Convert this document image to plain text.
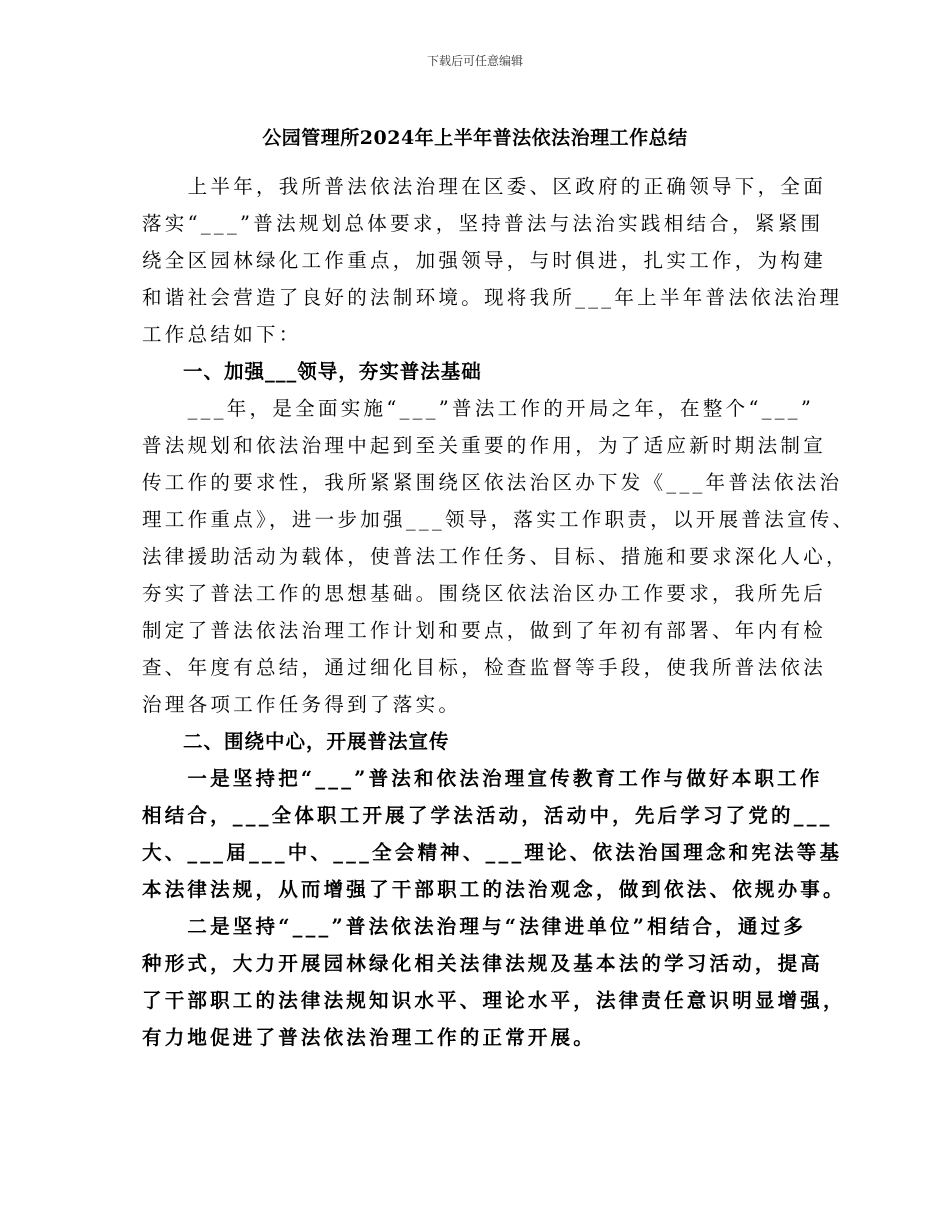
下载后可任意编辑
公园管理所2024年上半年普法依法治理工作总结
　　上半年，我所普法依法治理在区委、区政府的正确领导下，全面
落实“___”普法规划总体要求，坚持普法与法治实践相结合，紧紧围
绕全区园林绿化工作重点，加强领导，与时俱进，扎实工作，为构建
和谐社会营造了良好的法制环境。现将我所___年上半年普法依法治理
工作总结如下：
　　一、加强___领导，夯实普法基础
　　___年，是全面实施“___”普法工作的开局之年，在整个“___”
普法规划和依法治理中起到至关重要的作用，为了适应新时期法制宣
传工作的要求性，我所紧紧围绕区依法治区办下发《___年普法依法治
理工作重点》，进一步加强___领导，落实工作职责，以开展普法宣传、
法律援助活动为载体，使普法工作任务、目标、措施和要求深化人心，
夯实了普法工作的思想基础。围绕区依法治区办工作要求，我所先后
制定了普法依法治理工作计划和要点，做到了年初有部署、年内有检
查、年度有总结，通过细化目标，检查监督等手段，使我所普法依法
治理各项工作任务得到了落实。
　　二、围绕中心，开展普法宣传
　　一是坚持把“___”普法和依法治理宣传教育工作与做好本职工作
相结合，___全体职工开展了学法活动，活动中，先后学习了党的___
大、___届___中、___全会精神、___理论、依法治国理念和宪法等基
本法律法规，从而增强了干部职工的法治观念，做到依法、依规办事。
　　二是坚持“___”普法依法治理与“法律进单位”相结合，通过多
种形式，大力开展园林绿化相关法律法规及基本法的学习活动，提高
了干部职工的法律法规知识水平、理论水平，法律责任意识明显增强，
有力地促进了普法依法治理工作的正常开展。
